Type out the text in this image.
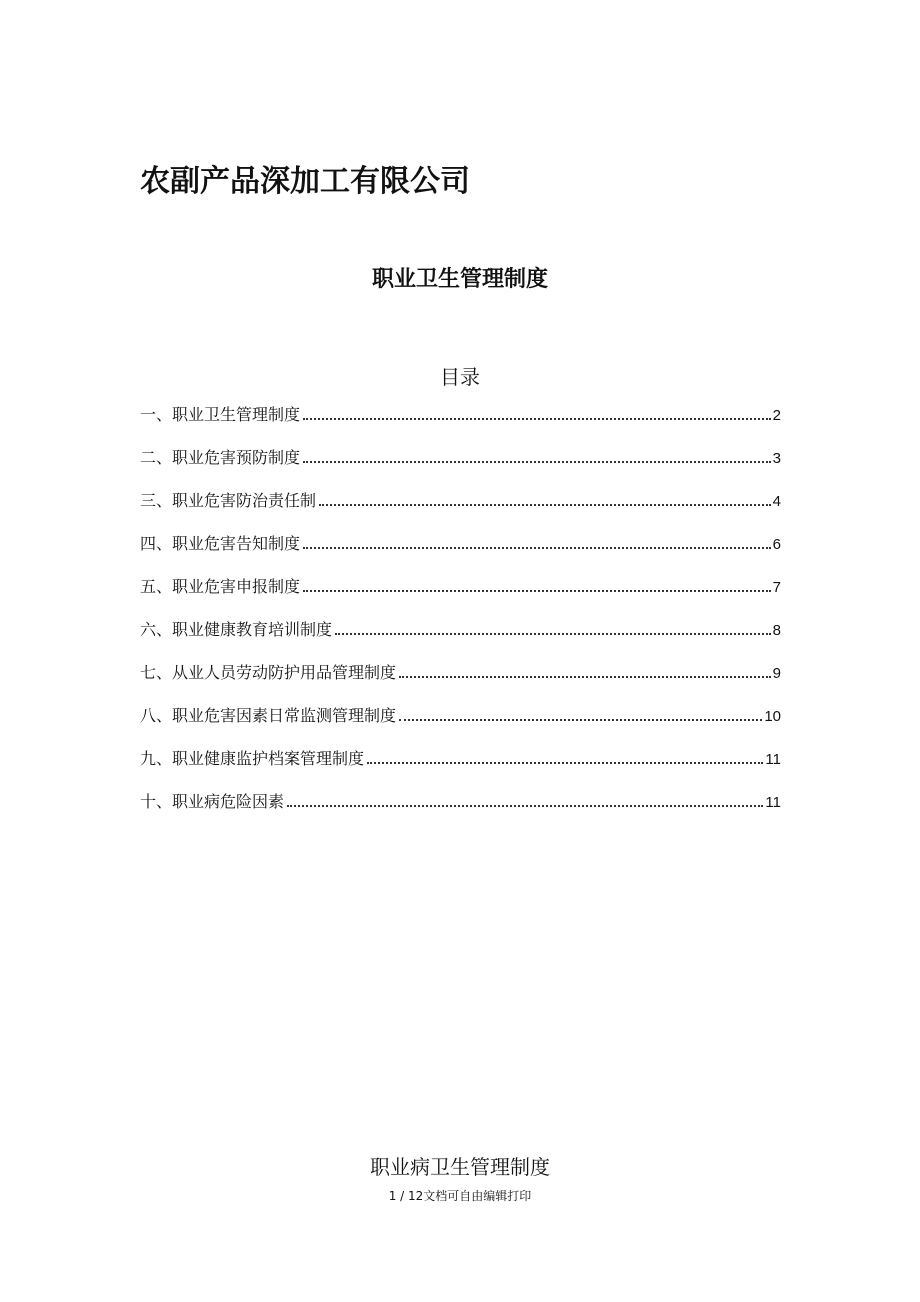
农副产品深加工有限公司
职业卫生管理制度
目录
一、职业卫生管理制度	2
二、职业危害预防制度	3
三、职业危害防治责任制	4
四、职业危害告知制度	6
五、职业危害申报制度	7
六、职业健康教育培训制度	8
七、从业人员劳动防护用品管理制度	9
八、职业危害因素日常监测管理制度	10
九、职业健康监护档案管理制度	11
十、职业病危险因素	11
职业病卫生管理制度
1 / 12文档可自由编辑打印
